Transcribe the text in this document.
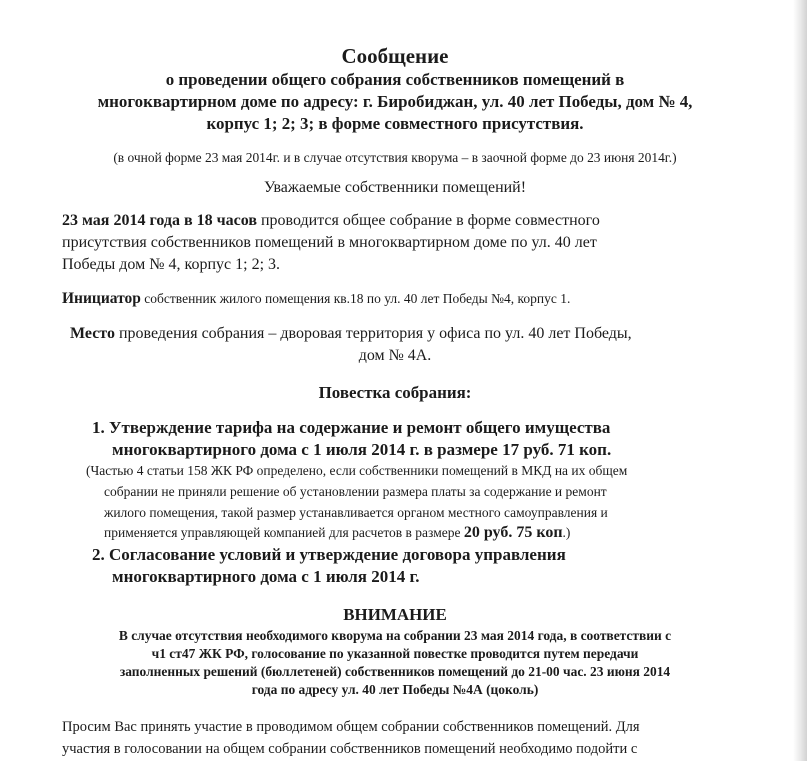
Сообщение
о проведении общего собрания собственников помещений в
многоквартирном доме по адресу: г. Биробиджан, ул. 40 лет Победы, дом № 4,
корпус 1; 2; 3; в форме совместного присутствия.
(в очной форме 23 мая 2014г. и в случае отсутствия кворума – в заочной форме до 23 июня 2014г.)
Уважаемые собственники помещений!
23 мая 2014 года в 18 часов проводится общее собрание в форме совместного
присутствия собственников помещений в многоквартирном доме по ул. 40 лет
Победы дом № 4, корпус 1; 2; 3.
Инициатор собственник жилого помещения кв.18 по ул. 40 лет Победы №4, корпус 1.
Место проведения собрания – дворовая территория у офиса по ул. 40 лет Победы,
дом № 4А.
Повестка собрания:
1. Утверждение тарифа на содержание и ремонт общего имущества
многоквартирного дома с 1 июля 2014 г. в размере 17 руб. 71 коп.
(Частью 4 статьи 158 ЖК РФ определено, если собственники помещений в МКД на их общем
собрании не приняли решение об установлении размера платы за содержание и ремонт
жилого помещения, такой размер устанавливается органом местного самоуправления и
применяется управляющей компанией для расчетов в размере 20 руб. 75 коп.)
2. Согласование условий и утверждение договора управления
многоквартирного дома с 1 июля 2014 г.
ВНИМАНИЕ
В случае отсутствия необходимого кворума на собрании 23 мая 2014 года, в соответствии с
ч1 ст47 ЖК РФ, голосование по указанной повестке проводится путем передачи
заполненных решений (бюллетеней) собственников помещений до 21-00 час. 23 июня 2014
года по адресу ул. 40 лет Победы №4А (цоколь)
Просим Вас принять участие в проводимом общем собрании собственников помещений. Для
участия в голосовании на общем собрании собственников помещений необходимо подойти с
